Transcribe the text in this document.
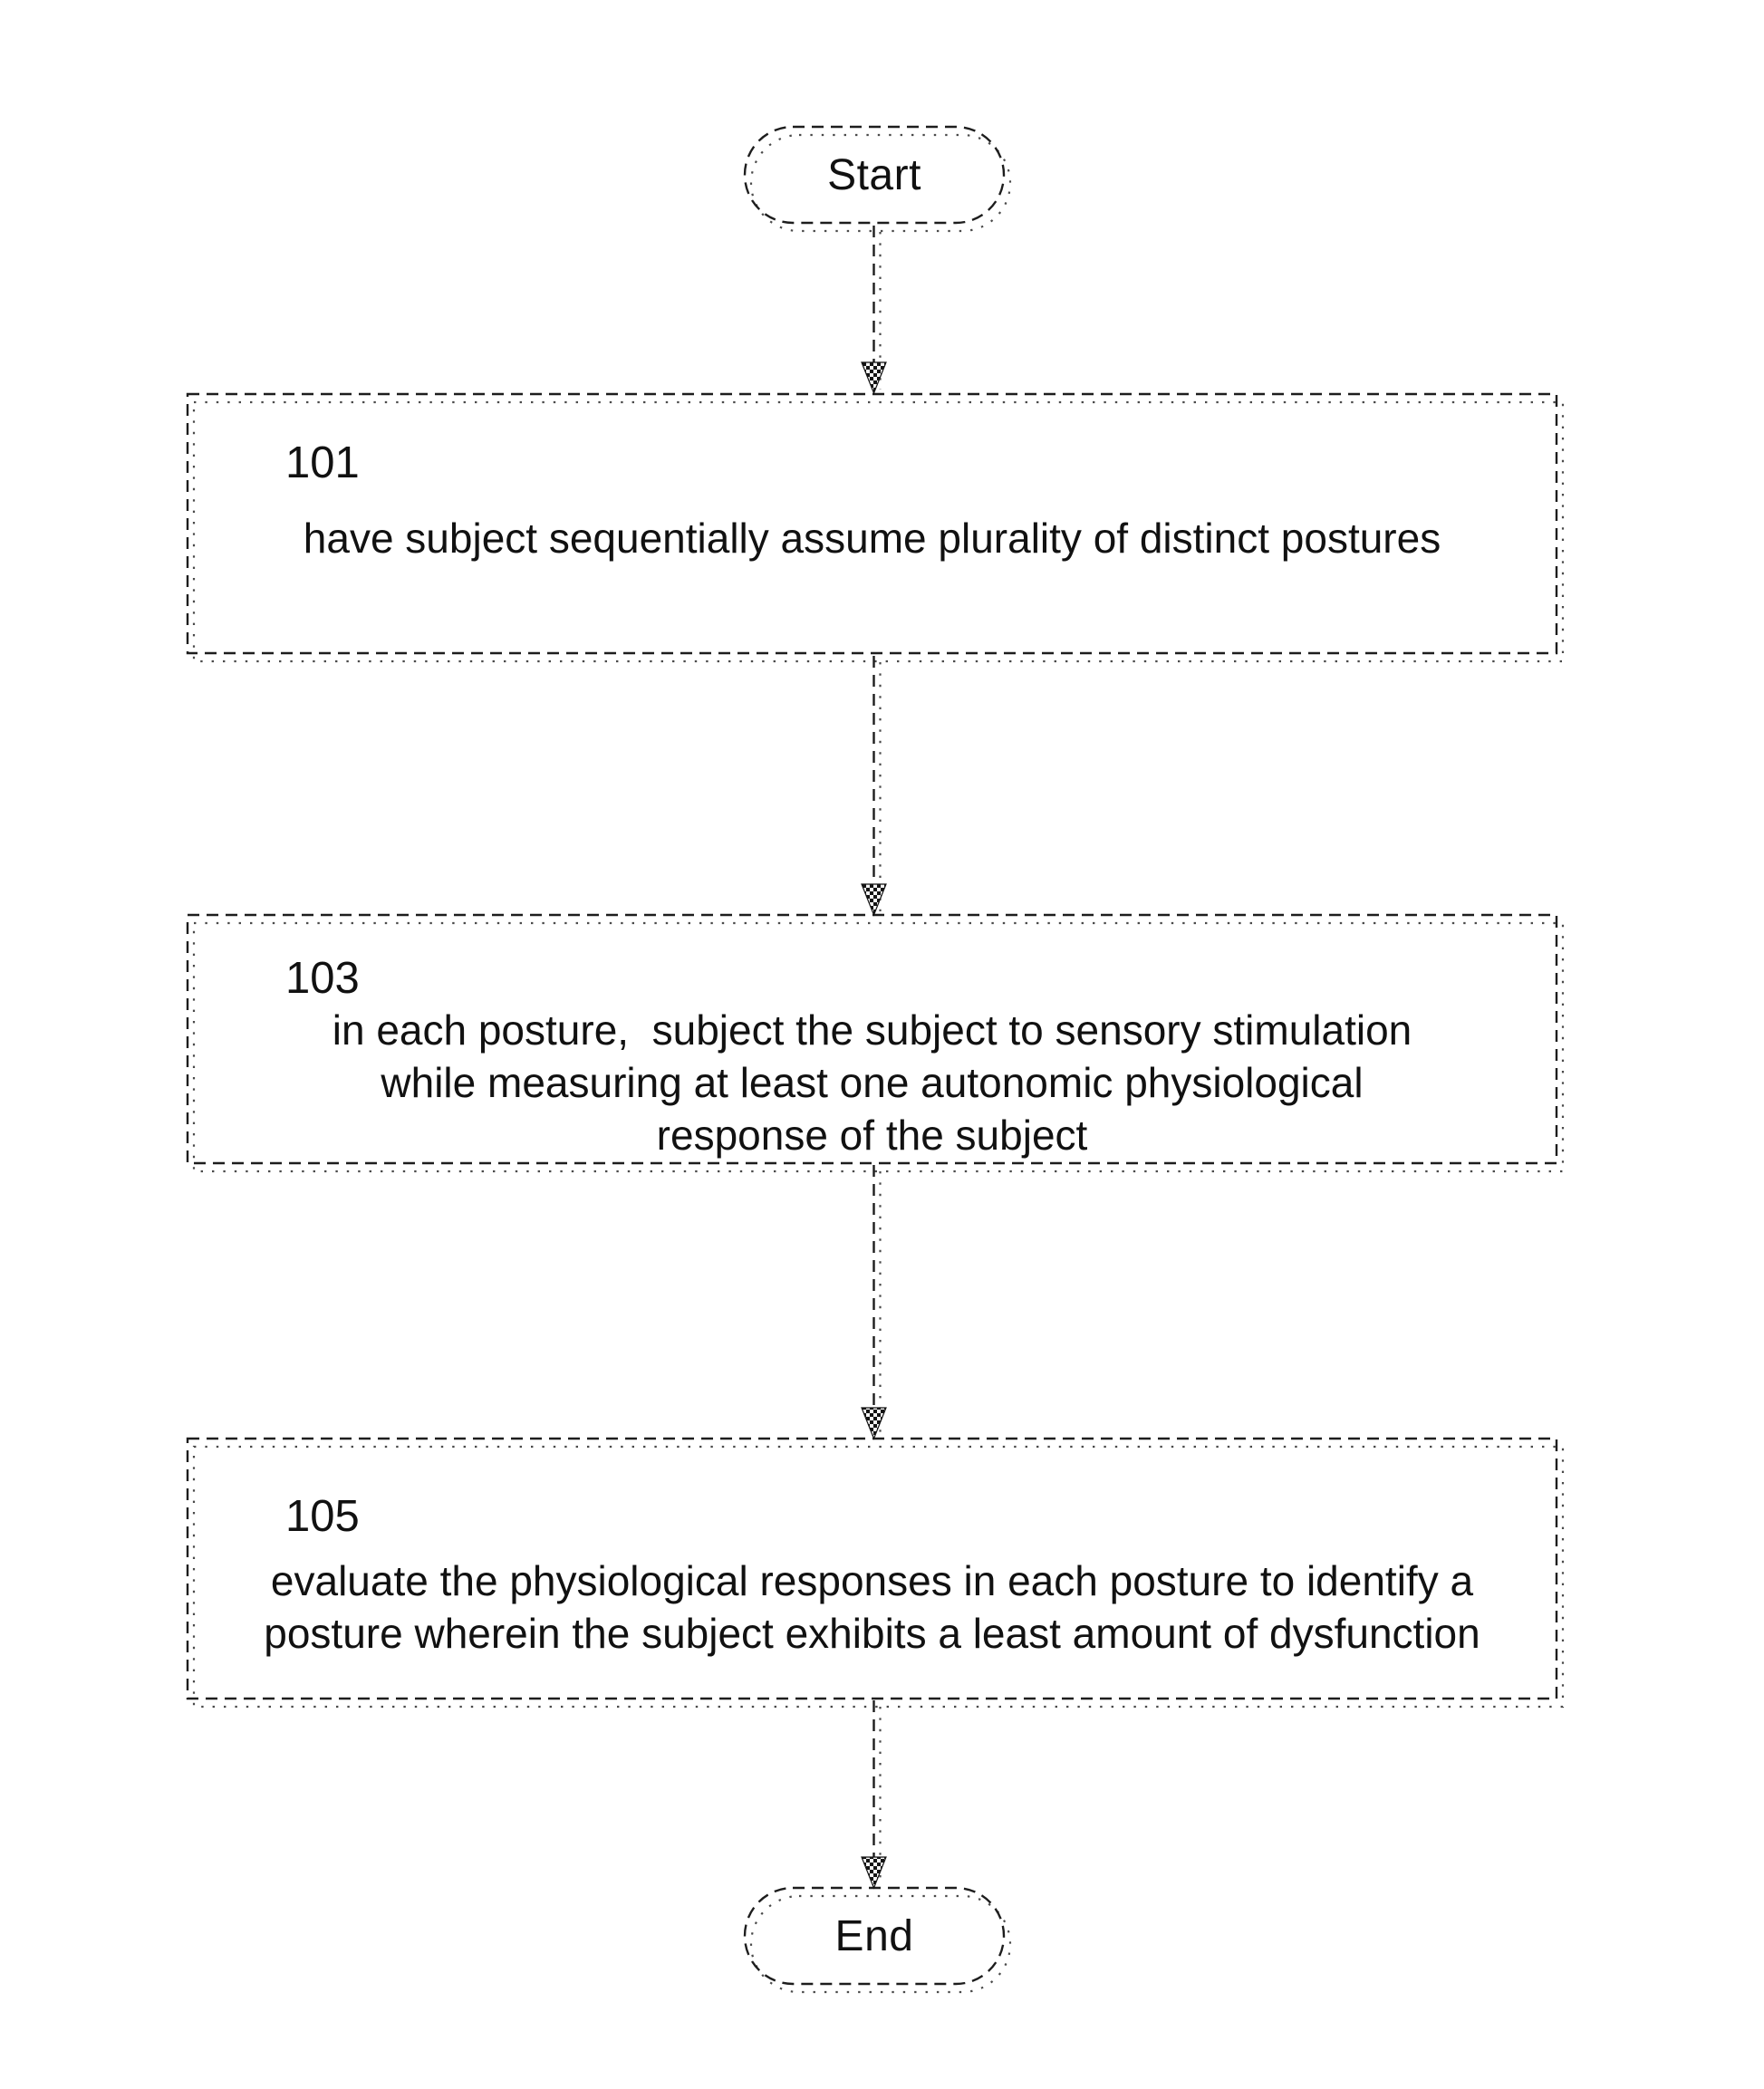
Start
101
have subject sequentially assume plurality of distinct postures
103
in each posture,  subject the subject to sensory stimulation
while measuring at least one autonomic physiological
response of the subject
105
evaluate the physiological responses in each posture to identify a
posture wherein the subject exhibits a least amount of dysfunction
End
